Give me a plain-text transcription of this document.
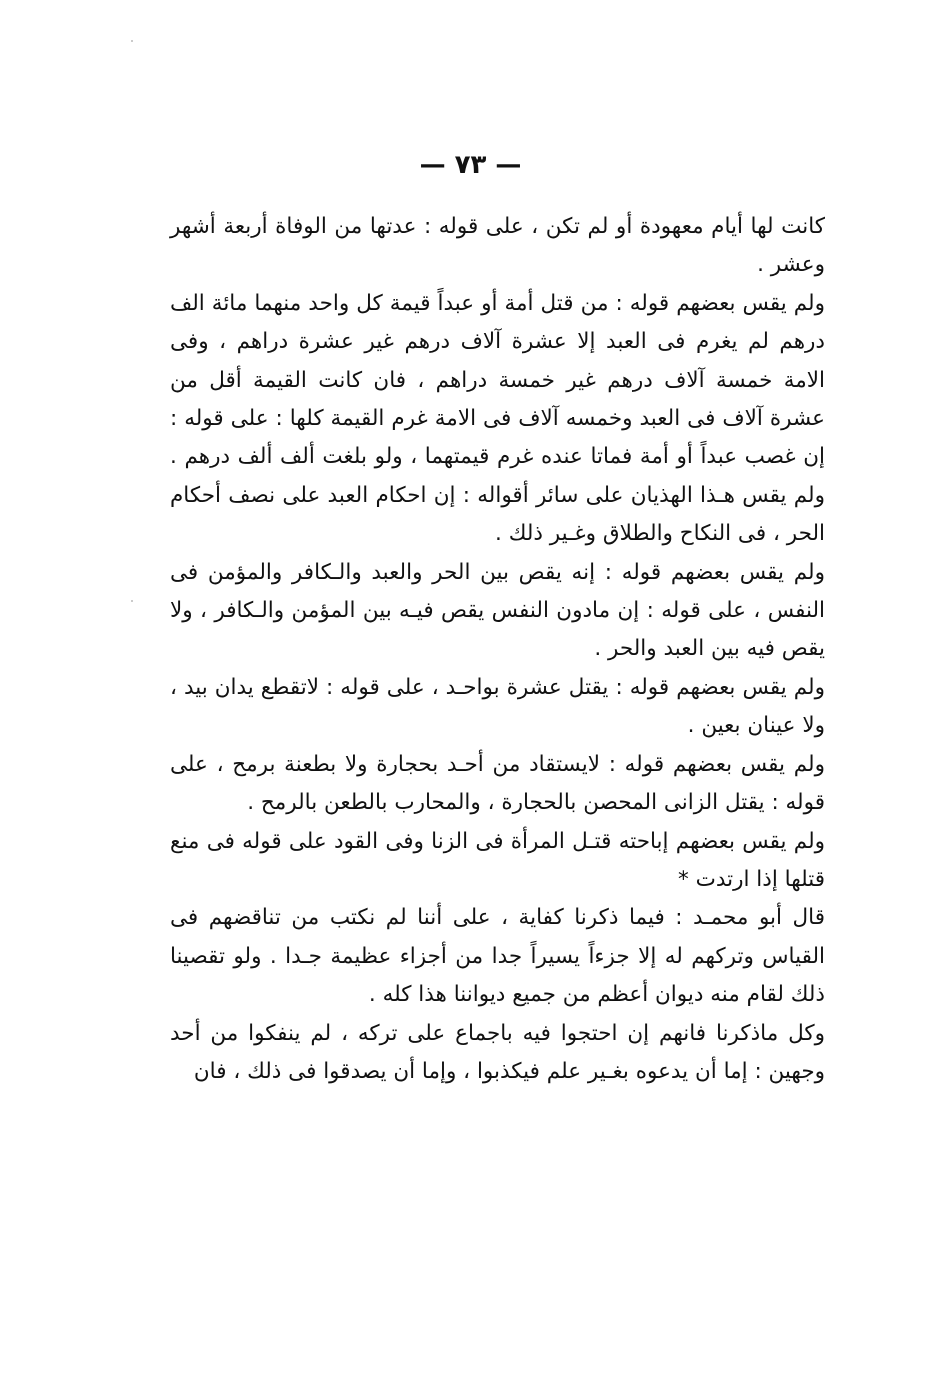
— ٧٣ —

كانت لها أيام معهودة أو لم تكن ، على قوله : عدتها من الوفاة أربعة أشهر وعشر .

ولم يقس بعضهم قوله : من قتل أمة أو عبداً قيمة كل واحد منهما مائة الف درهم لم يغرم فى العبد إلا عشرة آلاف درهم غير عشرة دراهم ، وفى الامة خمسة آلاف درهم غير خمسة دراهم ، فان كانت القيمة أقل من عشرة آلاف فى العبد وخمسه آلاف فى الامة غرم القيمة كلها : على قوله : إن غصب عبداً أو أمة فماتا عنده غرم قيمتهما ، ولو بلغت ألف ألف درهم . ولم يقس هـذا الهذيان على سائر أقواله : إن احكام العبد على نصف أحكام الحر ، فى النكاح والطلاق وغـير ذلك .

ولم يقس بعضهم قوله : إنه يقص بين الحر والعبد والـكافر والمؤمن فى النفس ، على قوله : إن مادون النفس يقص فيـه بين المؤمن والـكافر ، ولا يقص فيه بين العبد والحر .

ولم يقس بعضهم قوله : يقتل عشرة بواحـد ، على قوله : لاتقطع يدان بيد ، ولا عينان بعين .

ولم يقس بعضهم قوله : لايستقاد من أحـد بحجارة ولا بطعنة برمح ، على قوله : يقتل الزانى المحصن بالحجارة ، والمحارب بالطعن بالرمح .

ولم يقس بعضهم إباحته قتـل المرأة فى الزنا وفى القود على قوله فى منع قتلها إذا ارتدت *

قال أبو محمـد : فيما ذكرنا كفاية ، على أننا لم نكتب من تناقضهم فى القياس وتركهم له إلا جزءاً يسيراً جدا من أجزاء عظيمة جـدا . ولو تقصينا ذلك لقام منه ديوان أعظم من جميع ديواننا هذا كله .

وكل ماذكرنا فانهم إن احتجوا فيه باجماع على تركه ، لم ينفكوا من أحد وجهين : إما أن يدعوه بغـير علم فيكذبوا ، وإما أن يصدقوا فى ذلك ، فان
